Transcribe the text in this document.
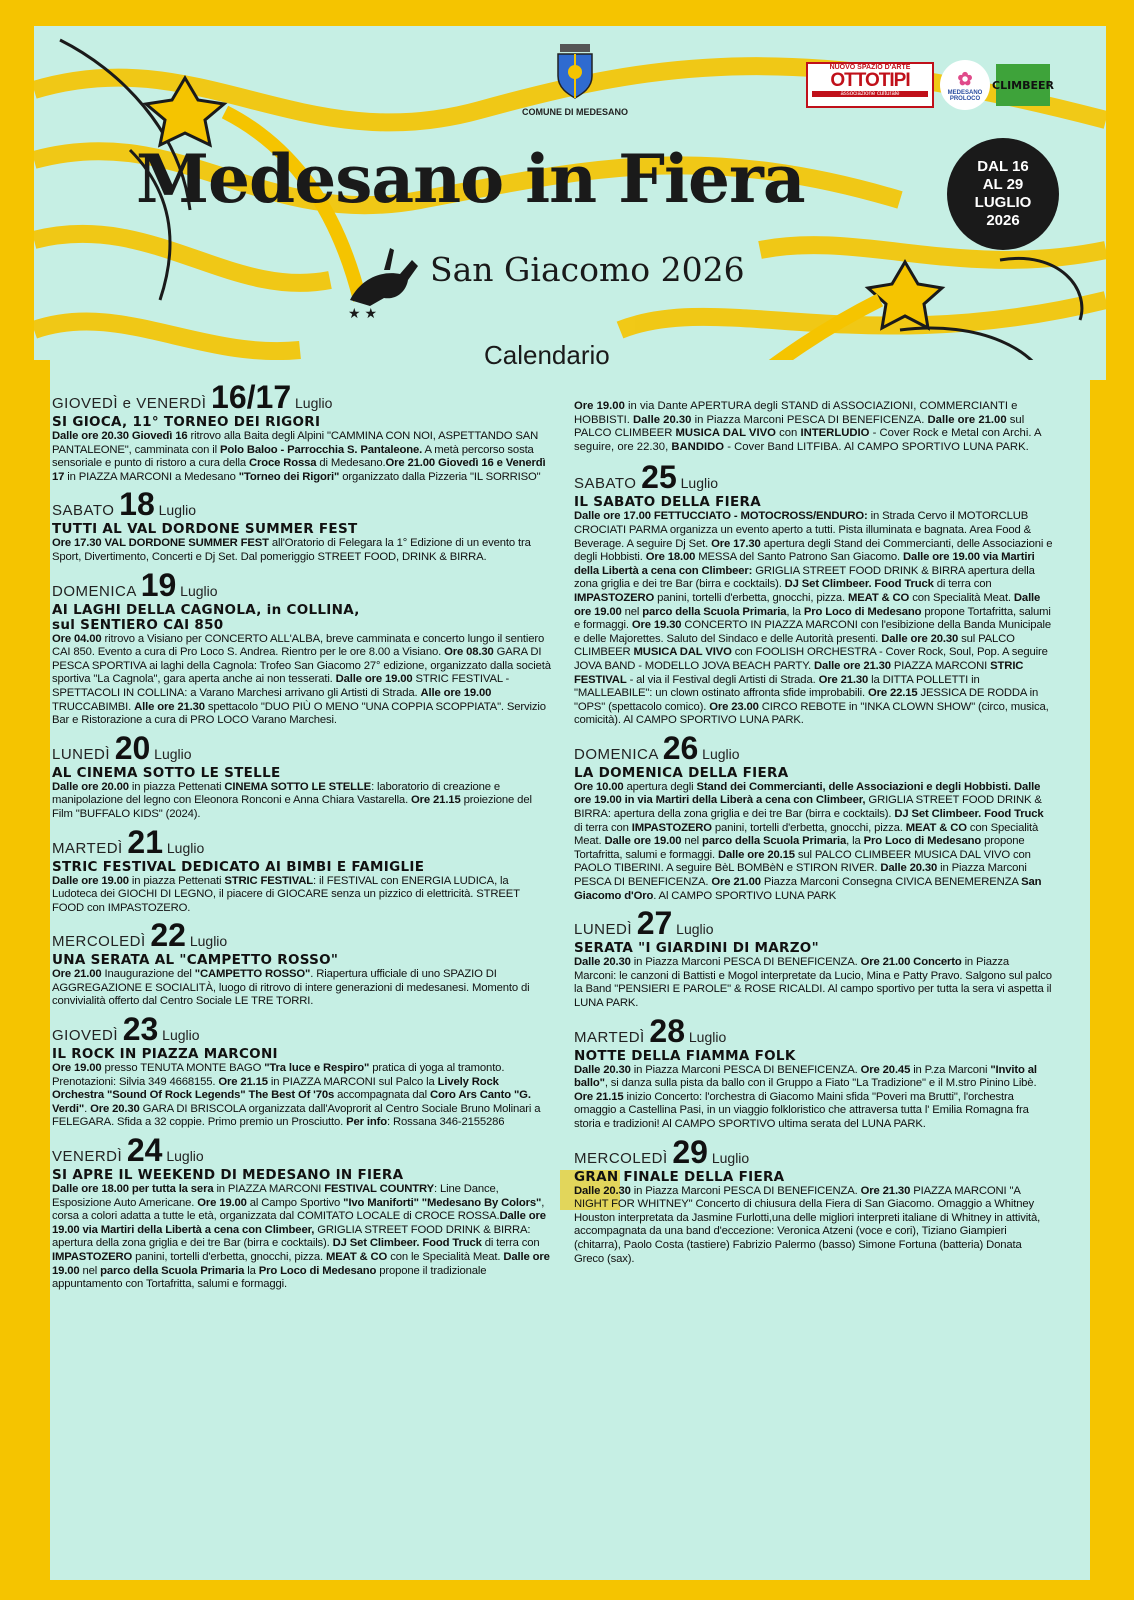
COMUNE DI MEDESANO
NUOVO SPAZIO D'ARTE
OTTOTIPI
associazione culturale
✿
MEDESANO
PROLOCO
CLIMBEER
Medesano in Fiera
★ ★
San Giacomo 2026
DAL 16
AL 29
LUGLIO
2026
Calendario
GIOVEDÌ e VENERDÌ 16/17 Luglio
SI GIOCA, 11° TORNEO DEI RIGORI
Dalle ore 20.30 Giovedì 16 ritrovo alla Baita degli Alpini "CAMMINA CON NOI, ASPETTANDO SAN PANTALEONE", camminata con il Polo Baloo - Parrocchia S. Pantaleone. A metà percorso sosta sensoriale e punto di ristoro a cura della Croce Rossa di Medesano.Ore 21.00 Giovedì 16 e Venerdì 17 in PIAZZA MARCONI a Medesano "Torneo dei Rigori" organizzato dalla Pizzeria "IL SORRISO"
SABATO 18 Luglio
TUTTI AL VAL DORDONE SUMMER FEST
Ore 17.30 VAL DORDONE SUMMER FEST all'Oratorio di Felegara la 1° Edizione di un evento tra Sport, Divertimento, Concerti e Dj Set. Dal pomeriggio STREET FOOD, DRINK & BIRRA.
DOMENICA 19 Luglio
AI LAGHI DELLA CAGNOLA, in COLLINA,
sul SENTIERO CAI 850
Ore 04.00 ritrovo a Visiano per CONCERTO ALL'ALBA, breve camminata e concerto lungo il sentiero CAI 850. Evento a cura di Pro Loco S. Andrea. Rientro per le ore 8.00 a Visiano. Ore 08.30 GARA DI PESCA SPORTIVA ai laghi della Cagnola: Trofeo San Giacomo 27° edizione, organizzato dalla società sportiva "La Cagnola", gara aperta anche ai non tesserati. Dalle ore 19.00 STRIC FESTIVAL - SPETTACOLI IN COLLINA: a Varano Marchesi arrivano gli Artisti di Strada. Alle ore 19.00 TRUCCABIMBI. Alle ore 21.30 spettacolo "DUO PIÙ O MENO "UNA COPPIA SCOPPIATA". Servizio Bar e Ristorazione a cura di PRO LOCO Varano Marchesi.
LUNEDÌ 20 Luglio
AL CINEMA SOTTO LE STELLE
Dalle ore 20.00 in piazza Pettenati CINEMA SOTTO LE STELLE: laboratorio di creazione e manipolazione del legno con Eleonora Ronconi e Anna Chiara Vastarella. Ore 21.15 proiezione del Film "BUFFALO KIDS" (2024).
MARTEDÌ 21 Luglio
STRIC FESTIVAL DEDICATO AI BIMBI E FAMIGLIE
Dalle ore 19.00 in piazza Pettenati STRIC FESTIVAL: il FESTIVAL con ENERGIA LUDICA, la Ludoteca dei GIOCHI DI LEGNO, il piacere di GIOCARE senza un pizzico di elettricità. STREET FOOD con IMPASTOZERO.
MERCOLEDÌ 22 Luglio
UNA SERATA AL "CAMPETTO ROSSO"
Ore 21.00 Inaugurazione del "CAMPETTO ROSSO". Riapertura ufficiale di uno SPAZIO DI AGGREGAZIONE E SOCIALITÀ, luogo di ritrovo di intere generazioni di medesanesi. Momento di convivialità offerto dal Centro Sociale LE TRE TORRI.
GIOVEDÌ 23 Luglio
IL ROCK IN PIAZZA MARCONI
Ore 19.00 presso TENUTA MONTE BAGO "Tra luce e Respiro" pratica di yoga al tramonto. Prenotazioni: Silvia 349 4668155. Ore 21.15 in PIAZZA MARCONI sul Palco la Lively Rock Orchestra "Sound Of Rock Legends" The Best Of '70s accompagnata dal Coro Ars Canto "G. Verdi". Ore 20.30 GARA DI BRISCOLA organizzata dall'Avoprorit al Centro Sociale Bruno Molinari a FELEGARA. Sfida a 32 coppie. Primo premio un Prosciutto. Per info: Rossana 346-2155286
VENERDÌ 24 Luglio
SI APRE IL WEEKEND DI MEDESANO IN FIERA
Dalle ore 18.00 per tutta la sera in PIAZZA MARCONI FESTIVAL COUNTRY: Line Dance, Esposizione Auto Americane. Ore 19.00 al Campo Sportivo "Ivo Maniforti" "Medesano By Colors", corsa a colori adatta a tutte le età, organizzata dal COMITATO LOCALE di CROCE ROSSA.Dalle ore 19.00 via Martiri della Libertà a cena con Climbeer, GRIGLIA STREET FOOD DRINK & BIRRA: apertura della zona griglia e dei tre Bar (birra e cocktails). DJ Set Climbeer. Food Truck di terra con IMPASTOZERO panini, tortelli d'erbetta, gnocchi, pizza. MEAT & CO con le Specialità Meat. Dalle ore 19.00 nel parco della Scuola Primaria la Pro Loco di Medesano propone il tradizionale appuntamento con Tortafritta, salumi e formaggi.
Ore 19.00 in via Dante APERTURA degli STAND di ASSOCIAZIONI, COMMERCIANTI e HOBBISTI. Dalle 20.30 in Piazza Marconi PESCA DI BENEFICENZA. Dalle ore 21.00 sul PALCO CLIMBEER MUSICA DAL VIVO con INTERLUDIO - Cover Rock e Metal con Archi. A seguire, ore 22.30, BANDIDO - Cover Band LITFIBA. Al CAMPO SPORTIVO LUNA PARK.
SABATO 25 Luglio
IL SABATO DELLA FIERA
Dalle ore 17.00 FETTUCCIATO - MOTOCROSS/ENDURO: in Strada Cervo il MOTORCLUB CROCIATI PARMA organizza un evento aperto a tutti. Pista illuminata e bagnata. Area Food & Beverage. A seguire Dj Set. Ore 17.30 apertura degli Stand dei Commercianti, delle Associazioni e degli Hobbisti. Ore 18.00 MESSA del Santo Patrono San Giacomo. Dalle ore 19.00 via Martiri della Libertà a cena con Climbeer: GRIGLIA STREET FOOD DRINK & BIRRA apertura della zona griglia e dei tre Bar (birra e cocktails). DJ Set Climbeer. Food Truck di terra con IMPASTOZERO panini, tortelli d'erbetta, gnocchi, pizza. MEAT & CO con Specialità Meat. Dalle ore 19.00 nel parco della Scuola Primaria, la Pro Loco di Medesano propone Tortafritta, salumi e formaggi. Ore 19.30 CONCERTO IN PIAZZA MARCONI con l'esibizione della Banda Municipale e delle Majorettes. Saluto del Sindaco e delle Autorità presenti. Dalle ore 20.30 sul PALCO CLIMBEER MUSICA DAL VIVO con FOOLISH ORCHESTRA - Cover Rock, Soul, Pop. A seguire JOVA BAND - MODELLO JOVA BEACH PARTY. Dalle ore 21.30 PIAZZA MARCONI STRIC FESTIVAL - al via il Festival degli Artisti di Strada. Ore 21.30 la DITTA POLLETTI in "MALLEABILE": un clown ostinato affronta sfide improbabili. Ore 22.15 JESSICA DE RODDA in "OPS" (spettacolo comico). Ore 23.00 CIRCO REBOTE in "INKA CLOWN SHOW" (circo, musica, comicità). Al CAMPO SPORTIVO LUNA PARK.
DOMENICA 26 Luglio
LA DOMENICA DELLA FIERA
Ore 10.00 apertura degli Stand dei Commercianti, delle Associazioni e degli Hobbisti. Dalle ore 19.00 in via Martiri della Liberà a cena con Climbeer, GRIGLIA STREET FOOD DRINK & BIRRA: apertura della zona griglia e dei tre Bar (birra e cocktails). DJ Set Climbeer. Food Truck di terra con IMPASTOZERO panini, tortelli d'erbetta, gnocchi, pizza. MEAT & CO con Specialità Meat. Dalle ore 19.00 nel parco della Scuola Primaria, la Pro Loco di Medesano propone Tortafritta, salumi e formaggi. Dalle ore 20.15 sul PALCO CLIMBEER MUSICA DAL VIVO con PAOLO TIBERINI. A seguire BèL BOMBèN e STIRON RIVER. Dalle 20.30 in Piazza Marconi PESCA DI BENEFICENZA. Ore 21.00 Piazza Marconi Consegna CIVICA BENEMERENZA San Giacomo d'Oro. Al CAMPO SPORTIVO LUNA PARK
LUNEDÌ 27 Luglio
SERATA "I GIARDINI DI MARZO"
Dalle 20.30 in Piazza Marconi PESCA DI BENEFICENZA. Ore 21.00 Concerto in Piazza Marconi: le canzoni di Battisti e Mogol interpretate da Lucio, Mina e Patty Pravo. Salgono sul palco la Band "PENSIERI E PAROLE" & ROSE RICALDI. Al campo sportivo per tutta la sera vi aspetta il LUNA PARK.
MARTEDÌ 28 Luglio
NOTTE DELLA FIAMMA FOLK
Dalle 20.30 in Piazza Marconi PESCA DI BENEFICENZA. Ore 20.45 in P.za Marconi "Invito al ballo", si danza sulla pista da ballo con il Gruppo a Fiato "La Tradizione" e il M.stro Pinino Libè. Ore 21.15 inizio Concerto: l'orchestra di Giacomo Maini sfida "Poveri ma Brutti", l'orchestra omaggio a Castellina Pasi, in un viaggio folkloristico che attraversa tutta l' Emilia Romagna fra storia e tradizioni! Al CAMPO SPORTIVO ultima serata del LUNA PARK.
MERCOLEDÌ 29 Luglio
GRAN FINALE DELLA FIERA
Dalle 20.30 in Piazza Marconi PESCA DI BENEFICENZA. Ore 21.30 PIAZZA MARCONI "A NIGHT FOR WHITNEY" Concerto di chiusura della Fiera di San Giacomo. Omaggio a Whitney Houston interpretata da Jasmine Furlotti,una delle migliori interpreti italiane di Whitney in attività, accompagnata da una band d'eccezione: Veronica Atzeni (voce e cori), Tiziano Giampieri (chitarra), Paolo Costa (tastiere) Fabrizio Palermo (basso) Simone Fortuna (batteria) Donata Greco (sax).
